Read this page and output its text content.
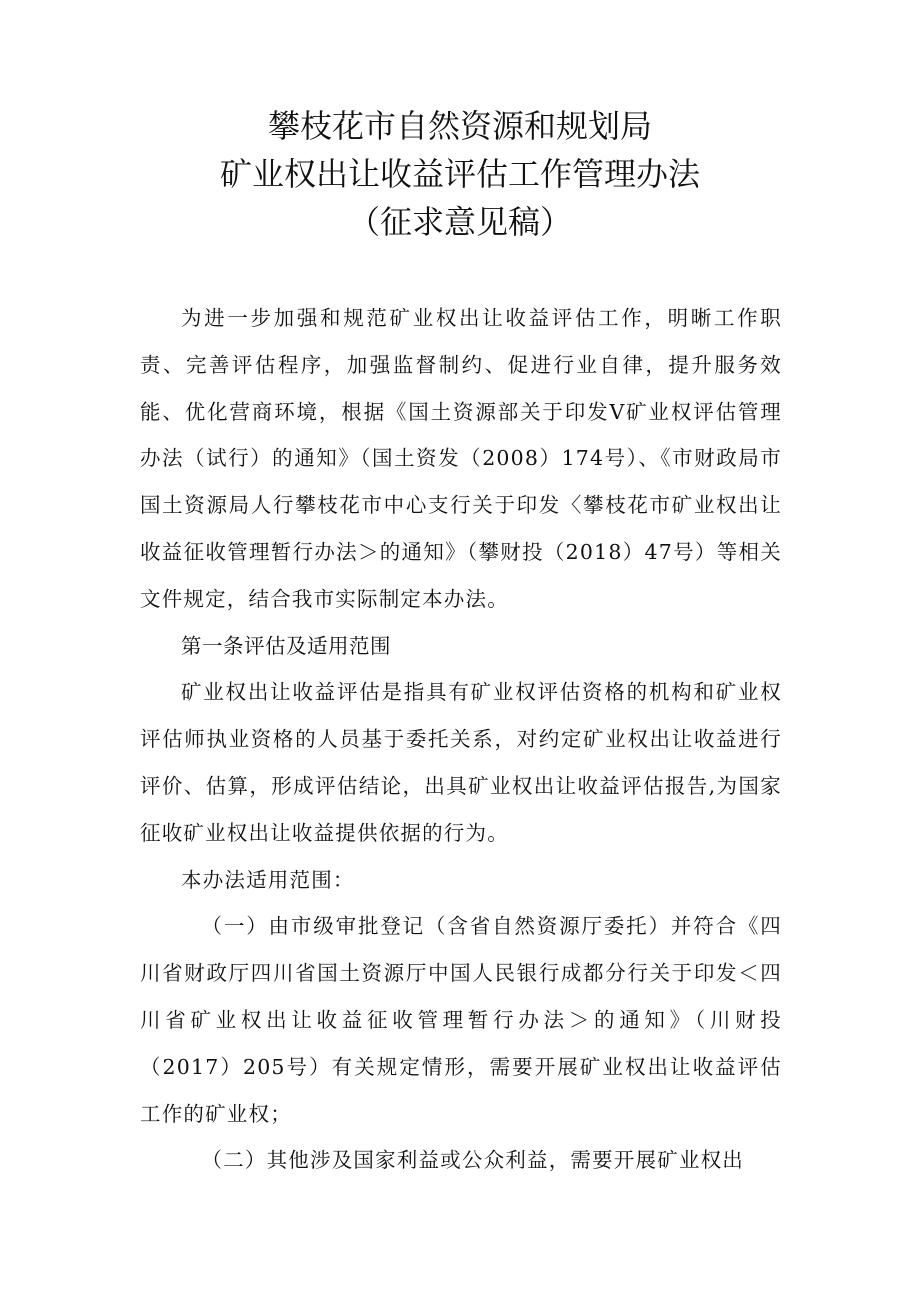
攀枝花市自然资源和规划局
矿业权出让收益评估工作管理办法
（征求意见稿）

为进一步加强和规范矿业权出让收益评估工作，明晰工作职责、完善评估程序，加强监督制约、促进行业自律，提升服务效能、优化营商环境，根据《国土资源部关于印发Ⅴ矿业权评估管理办法（试行）的通知》（国土资发（2008）174号）、《市财政局市国土资源局人行攀枝花市中心支行关于印发〈攀枝花市矿业权出让收益征收管理暂行办法＞的通知》（攀财投（2018）47号）等相关文件规定，结合我市实际制定本办法。

第一条评估及适用范围

矿业权出让收益评估是指具有矿业权评估资格的机构和矿业权评估师执业资格的人员基于委托关系，对约定矿业权出让收益进行评价、估算，形成评估结论，出具矿业权出让收益评估报告,为国家征收矿业权出让收益提供依据的行为。

本办法适用范围：

（一）由市级审批登记（含省自然资源厅委托）并符合《四川省财政厅四川省国土资源厅中国人民银行成都分行关于印发＜四川省矿业权出让收益征收管理暂行办法＞的通知》（川财投（2017）205号）有关规定情形，需要开展矿业权出让收益评估工作的矿业权；

（二）其他涉及国家利益或公众利益，需要开展矿业权出
